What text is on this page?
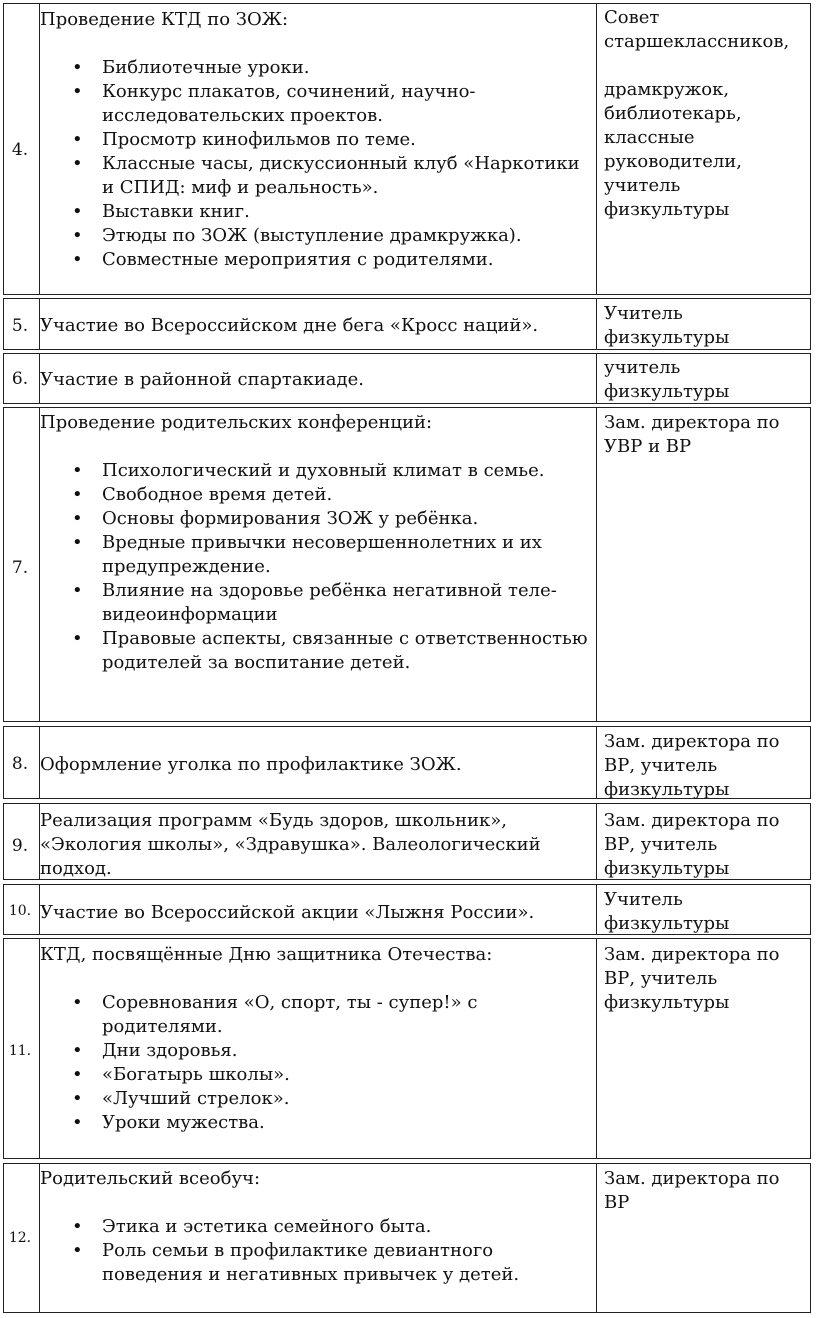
4.
Проведение КТД по ЗОЖ:
• Библиотечные уроки.
• Конкурс плакатов, сочинений, научно-исследовательских проектов.
• Просмотр кинофильмов по теме.
• Классные часы, дискуссионный клуб «Наркотики и СПИД: миф и реальность».
• Выставки книг.
• Этюды по ЗОЖ (выступление драмкружка).
• Совместные мероприятия с родителями.
Совет старшеклассников,
драмкружок, библиотекарь, классные руководители, учитель физкультуры
5. Участие во Всероссийском дне бега «Кросс наций».
Учитель физкультуры
6. Участие в районной спартакиаде.
учитель физкультуры
7.
Проведение родительских конференций:
• Психологический и духовный климат в семье.
• Свободное время детей.
• Основы формирования ЗОЖ у ребёнка.
• Вредные привычки несовершеннолетних и их предупреждение.
• Влияние на здоровье ребёнка негативной теле-видеоинформации
• Правовые аспекты, связанные с ответственностью родителей за воспитание детей.
Зам. директора по УВР и ВР
8. Оформление уголка по профилактике ЗОЖ.
Зам. директора по ВР, учитель физкультуры
9.
Реализация программ «Будь здоров, школьник», «Экология школы», «Здравушка». Валеологический подход.
Зам. директора по ВР, учитель физкультуры
10. Участие во Всероссийской акции «Лыжня России».
Учитель физкультуры
11.
КТД, посвящённые Дню защитника Отечества:
• Соревнования «О, спорт, ты - супер!» с родителями.
• Дни здоровья.
• «Богатырь школы».
• «Лучший стрелок».
• Уроки мужества.
Зам. директора по ВР, учитель физкультуры
12.
Родительский всеобуч:
• Этика и эстетика семейного быта.
• Роль семьи в профилактике девиантного поведения и негативных привычек у детей.
Зам. директора по ВР
